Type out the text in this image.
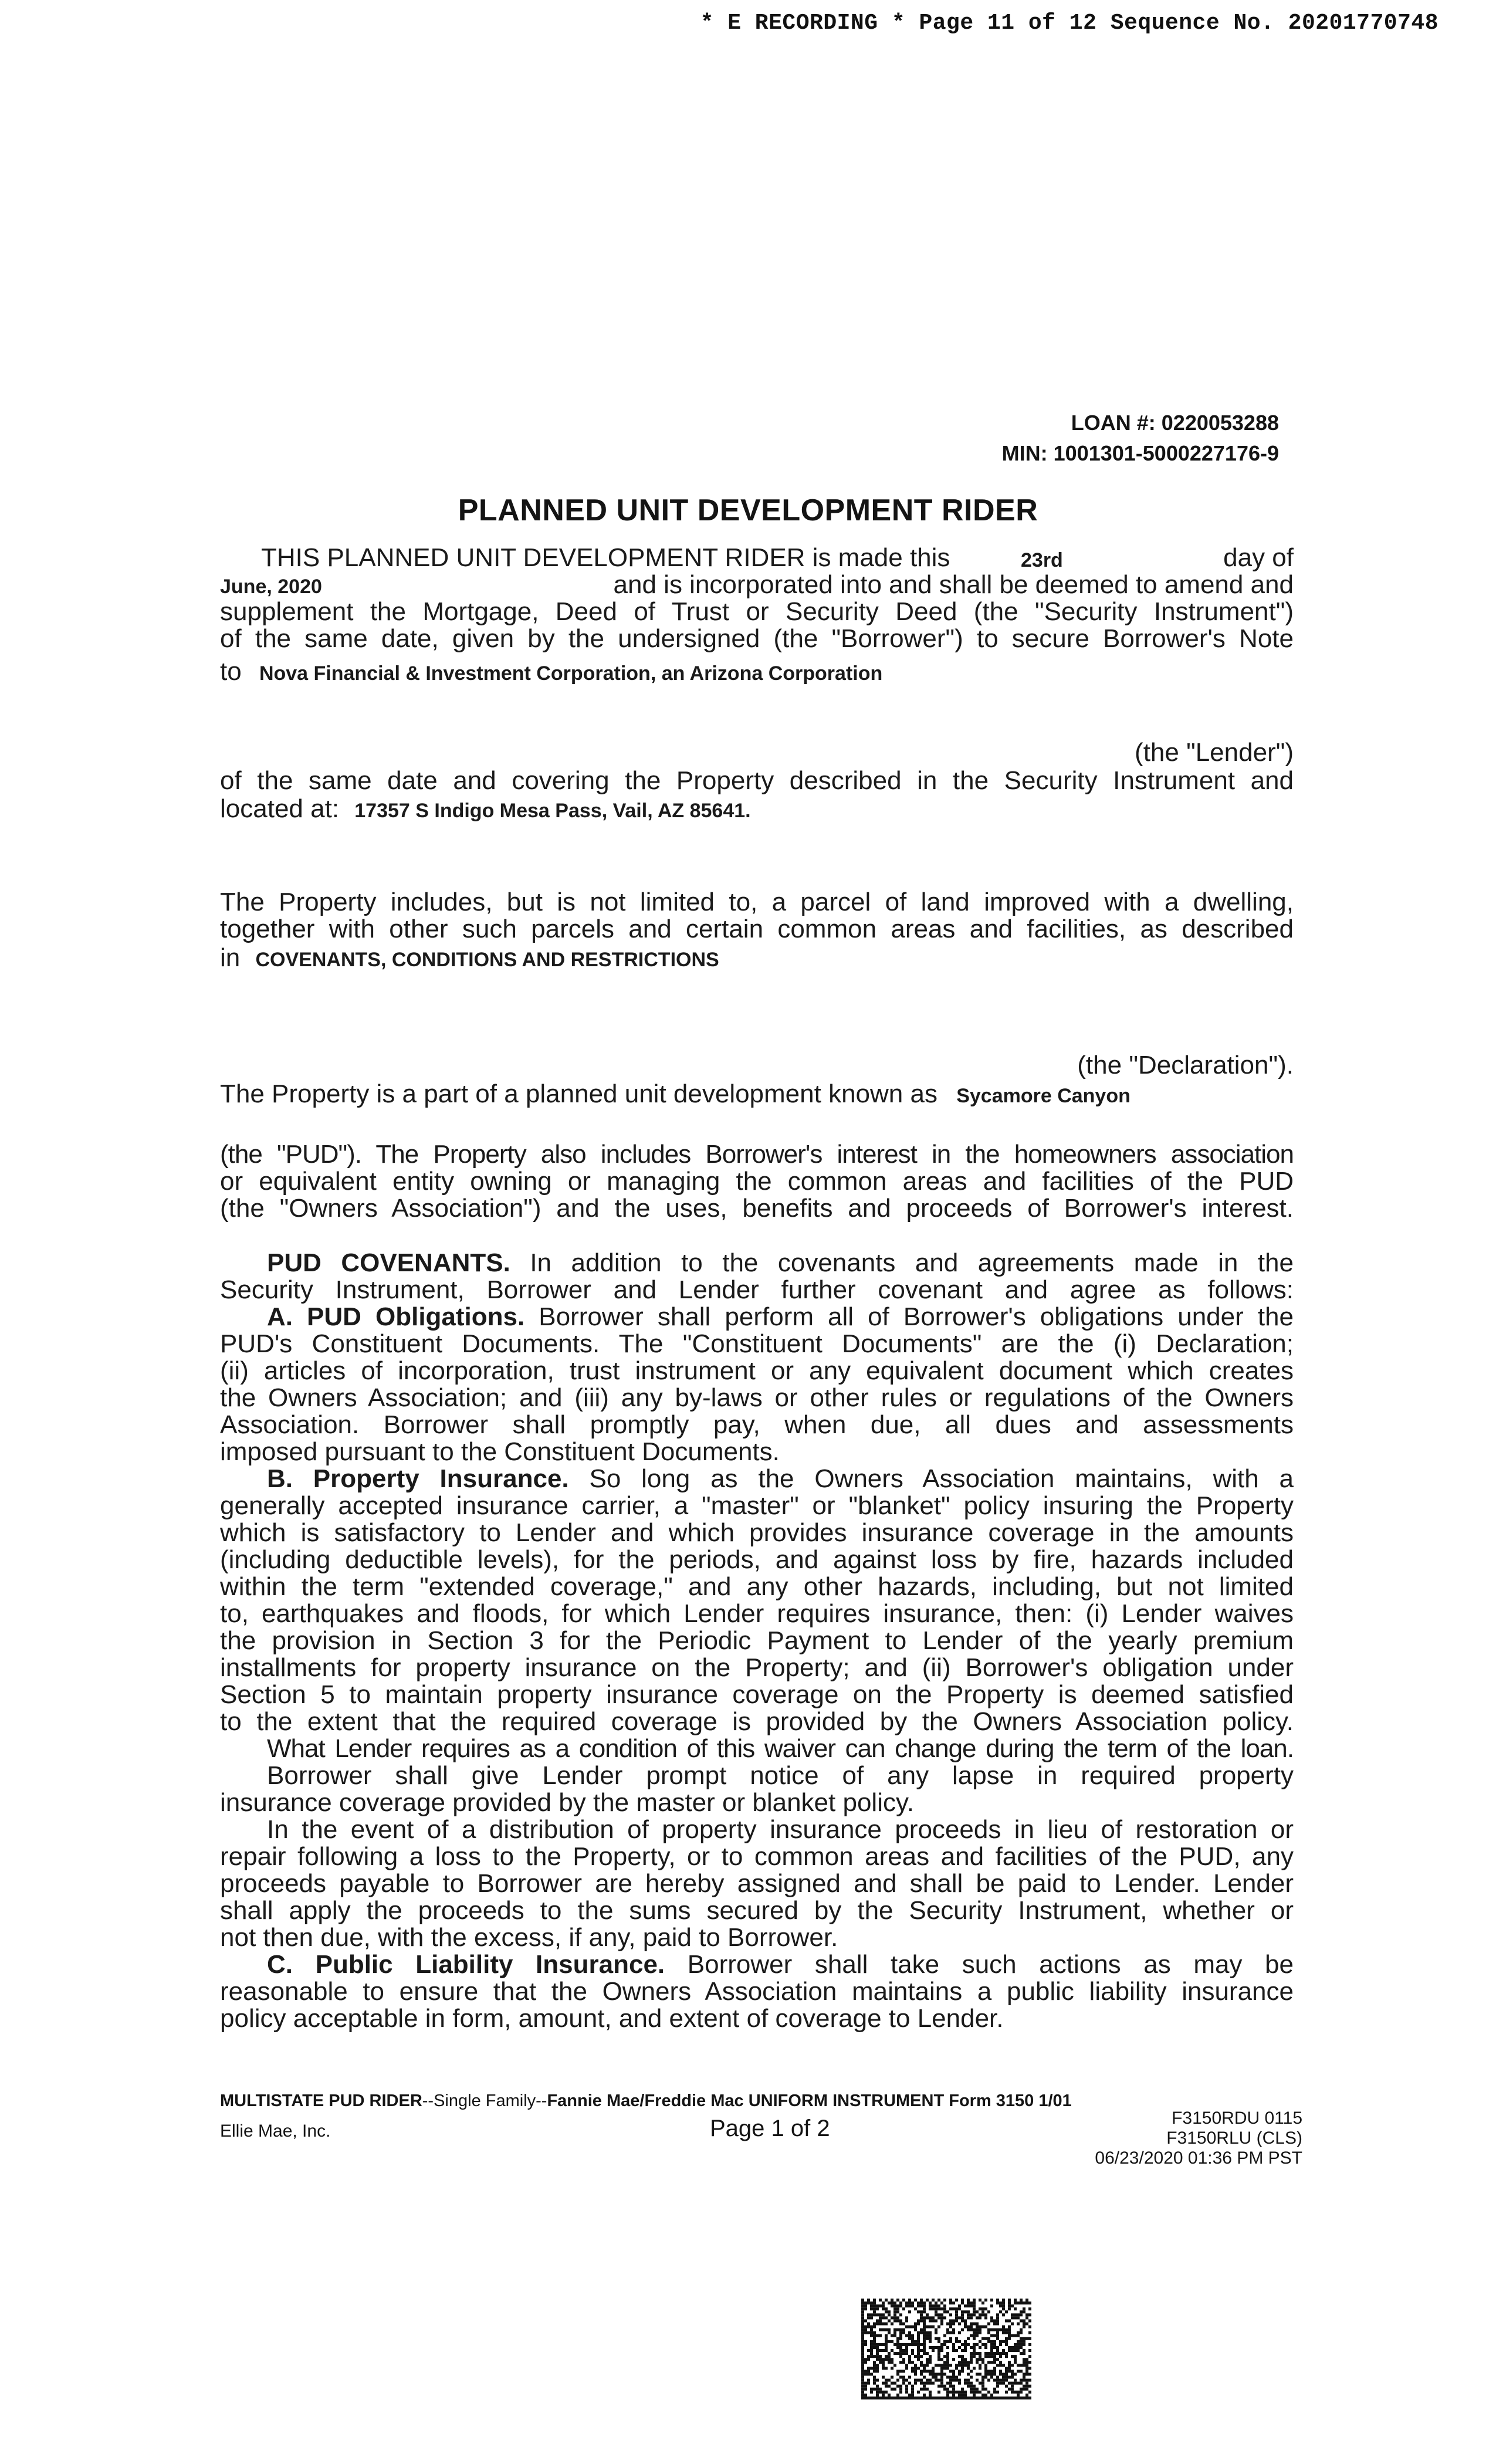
* E RECORDING * Page 11 of 12 Sequence No. 20201770748
LOAN #: 0220053288
MIN: 1001301-5000227176-9
PLANNED UNIT DEVELOPMENT RIDER
THIS PLANNED UNIT DEVELOPMENT RIDER is made this	23rd	day of
June, 2020	and is incorporated into and shall be deemed to amend and
supplement the Mortgage, Deed of Trust or Security Deed (the "Security Instrument")
of the same date, given by the undersigned (the "Borrower") to secure Borrower's Note
to Nova Financial & Investment Corporation, an Arizona Corporation
(the "Lender")
of the same date and covering the Property described in the Security Instrument and
located at: 17357 S Indigo Mesa Pass, Vail, AZ 85641.
The Property includes, but is not limited to, a parcel of land improved with a dwelling,
together with other such parcels and certain common areas and facilities, as described
in COVENANTS, CONDITIONS AND RESTRICTIONS
(the "Declaration").
The Property is a part of a planned unit development known as Sycamore Canyon
(the "PUD"). The Property also includes Borrower's interest in the homeowners association
or equivalent entity owning or managing the common areas and facilities of the PUD
(the "Owners Association") and the uses, benefits and proceeds of Borrower's interest.
PUD COVENANTS. In addition to the covenants and agreements made in the
Security Instrument, Borrower and Lender further covenant and agree as follows:
A. PUD Obligations. Borrower shall perform all of Borrower's obligations under the
PUD's Constituent Documents. The "Constituent Documents" are the (i) Declaration;
(ii) articles of incorporation, trust instrument or any equivalent document which creates
the Owners Association; and (iii) any by-laws or other rules or regulations of the Owners
Association. Borrower shall promptly pay, when due, all dues and assessments
imposed pursuant to the Constituent Documents.
B. Property Insurance. So long as the Owners Association maintains, with a
generally accepted insurance carrier, a "master" or "blanket" policy insuring the Property
which is satisfactory to Lender and which provides insurance coverage in the amounts
(including deductible levels), for the periods, and against loss by fire, hazards included
within the term "extended coverage," and any other hazards, including, but not limited
to, earthquakes and floods, for which Lender requires insurance, then: (i) Lender waives
the provision in Section 3 for the Periodic Payment to Lender of the yearly premium
installments for property insurance on the Property; and (ii) Borrower's obligation under
Section 5 to maintain property insurance coverage on the Property is deemed satisfied
to the extent that the required coverage is provided by the Owners Association policy.
What Lender requires as a condition of this waiver can change during the term of the loan.
Borrower shall give Lender prompt notice of any lapse in required property
insurance coverage provided by the master or blanket policy.
In the event of a distribution of property insurance proceeds in lieu of restoration or
repair following a loss to the Property, or to common areas and facilities of the PUD, any
proceeds payable to Borrower are hereby assigned and shall be paid to Lender. Lender
shall apply the proceeds to the sums secured by the Security Instrument, whether or
not then due, with the excess, if any, paid to Borrower.
C. Public Liability Insurance. Borrower shall take such actions as may be
reasonable to ensure that the Owners Association maintains a public liability insurance
policy acceptable in form, amount, and extent of coverage to Lender.
MULTISTATE PUD RIDER--Single Family--Fannie Mae/Freddie Mac UNIFORM INSTRUMENT Form 3150 1/01
Ellie Mae, Inc.	Page 1 of 2	F3150RDU 0115
F3150RLU (CLS)
06/23/2020 01:36 PM PST
